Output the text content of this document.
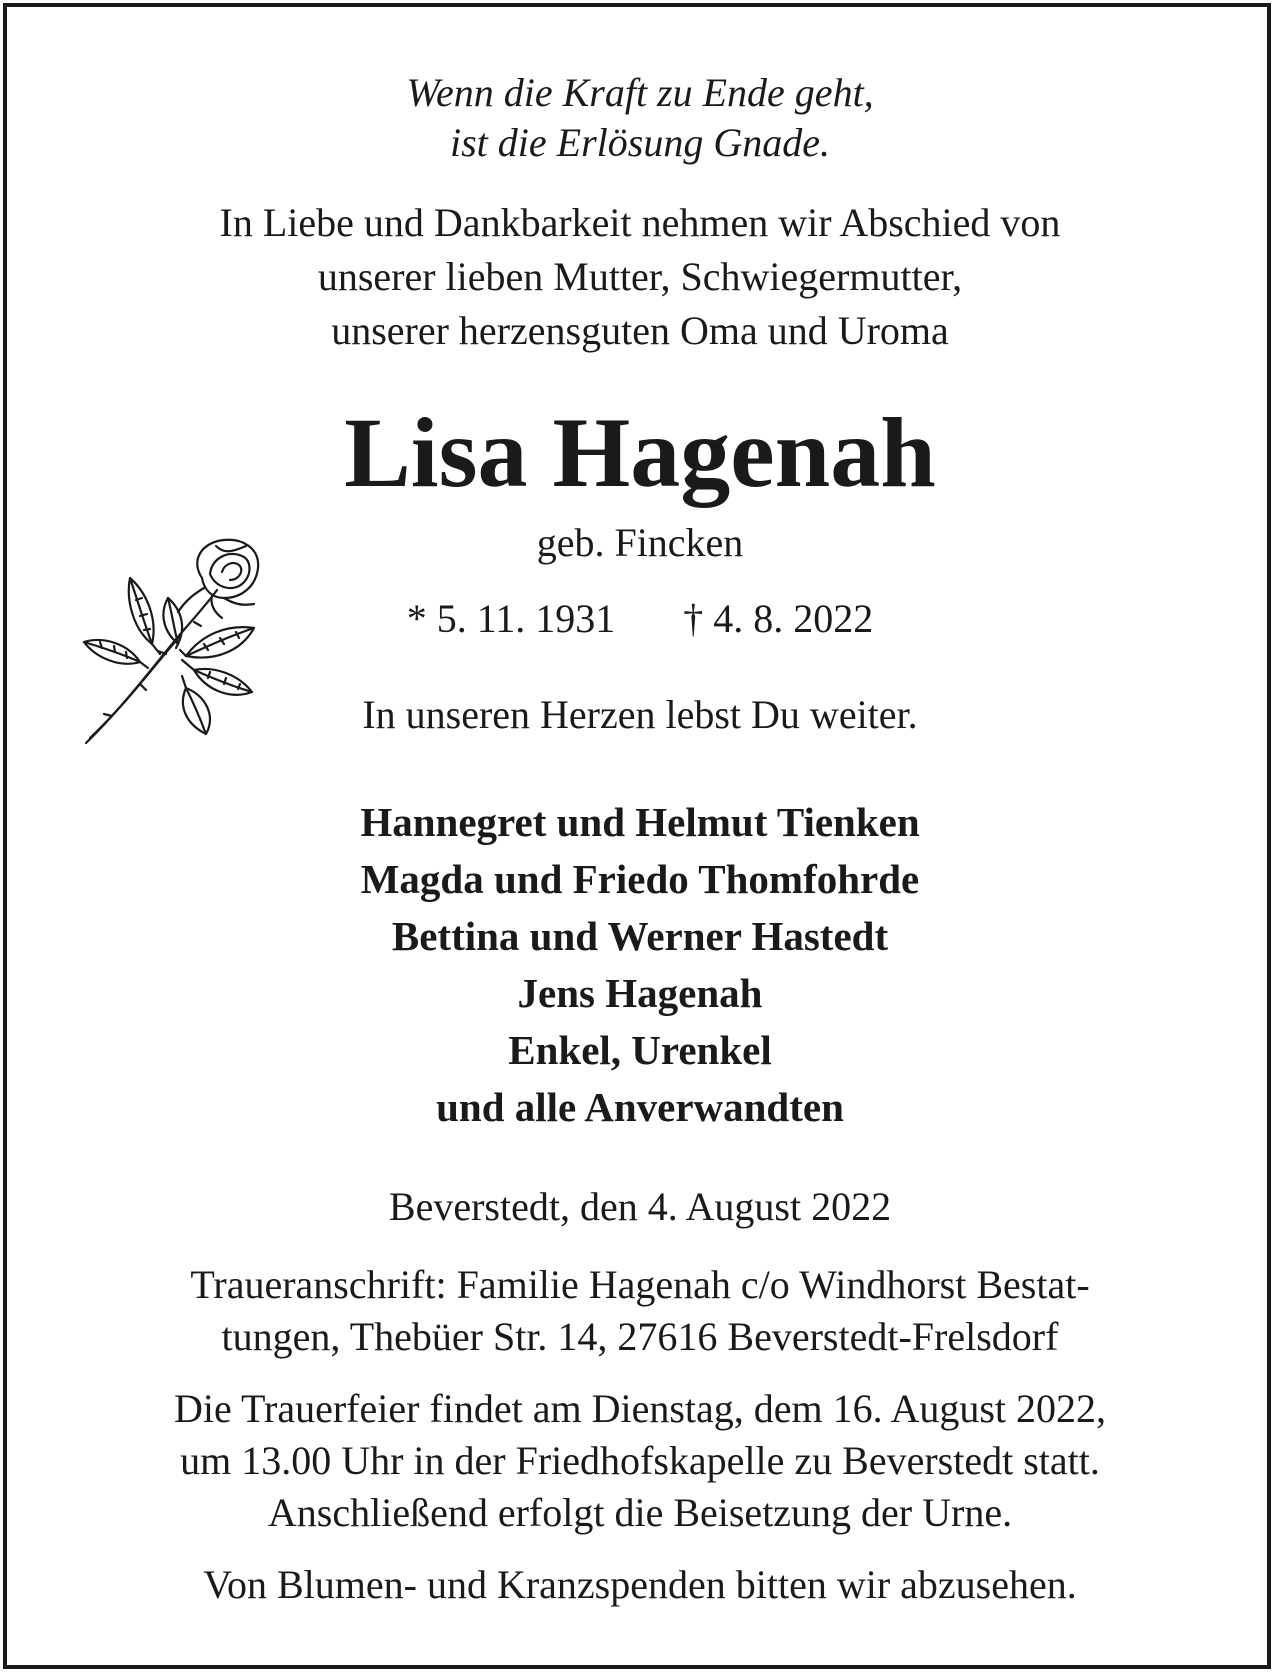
Wenn die Kraft zu Ende geht,
ist die Erlösung Gnade.
In Liebe und Dankbarkeit nehmen wir Abschied von
unserer lieben Mutter, Schwiegermutter,
unserer herzensguten Oma und Uroma
Lisa Hagenah
geb. Fincken
* 5. 11. 1931 † 4. 8. 2022
In unseren Herzen lebst Du weiter.
Hannegret und Helmut Tienken
Magda und Friedo Thomfohrde
Bettina und Werner Hastedt
Jens Hagenah
Enkel, Urenkel
und alle Anverwandten
Beverstedt, den 4. August 2022
Traueranschrift: Familie Hagenah c/o Windhorst Bestat-
tungen, Thebüer Str. 14, 27616 Beverstedt-Frelsdorf
Die Trauerfeier findet am Dienstag, dem 16. August 2022,
um 13.00 Uhr in der Friedhofskapelle zu Beverstedt statt.
Anschließend erfolgt die Beisetzung der Urne.
Von Blumen- und Kranzspenden bitten wir abzusehen.
